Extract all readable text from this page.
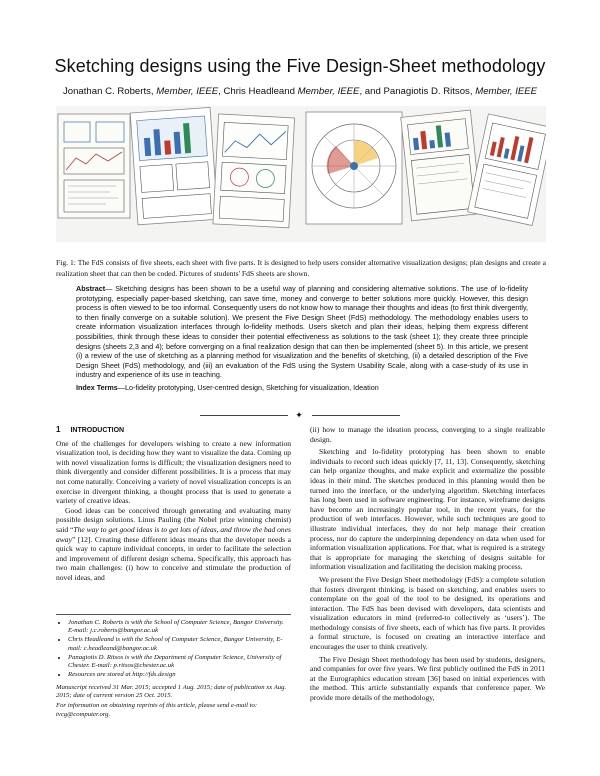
Sketching designs using the Five Design-Sheet methodology
Jonathan C. Roberts, Member, IEEE, Chris Headleand Member, IEEE, and Panagiotis D. Ritsos, Member, IEEE
Fig. 1: The FdS consists of five sheets, each sheet with five parts. It is designed to help users consider alternative visualization designs; plan designs and create a realization sheet that can then be coded. Pictures of students' FdS sheets are shown.
Abstract— Sketching designs has been shown to be a useful way of planning and considering alternative solutions. The use of lo-fidelity prototyping, especially paper-based sketching, can save time, money and converge to better solutions more quickly. However, this design process is often viewed to be too informal. Consequently users do not know how to manage their thoughts and ideas (to first think divergently, to then finally converge on a suitable solution). We present the Five Design Sheet (FdS) methodology. The methodology enables users to create information visualization interfaces through lo-fidelity methods. Users sketch and plan their ideas, helping them express different possibilities, think through these ideas to consider their potential effectiveness as solutions to the task (sheet 1); they create three principle designs (sheets 2,3 and 4); before converging on a final realization design that can then be implemented (sheet 5). In this article, we present (i) a review of the use of sketching as a planning method for visualization and the benefits of sketching, (ii) a detailed description of the Five Design Sheet (FdS) methodology, and (iii) an evaluation of the FdS using the System Usability Scale, along with a case-study of its use in industry and experience of its use in teaching.
Index Terms—Lo-fidelity prototyping, User-centred design, Sketching for visualization, Ideation
✦
1 INTRODUCTION

One of the challenges for developers wishing to create a new information visualization tool, is deciding how they want to visualize the data. Coming up with novel visualization forms is difficult; the visualization designers need to think divergently and consider different possibilities. It is a process that may not come naturally. Conceiving a variety of novel visualization concepts is an exercise in divergent thinking, a thought process that is used to generate a variety of creative ideas.

Good ideas can be conceived through generating and evaluating many possible design solutions. Linus Pauling (the Nobel prize winning chemist) said “The way to get good ideas is to get lots of ideas, and throw the bad ones away” [12]. Creating these different ideas means that the developer needs a quick way to capture individual concepts, in order to facilitate the selection and improvement of different design schema. Specifically, this approach has two main challenges: (i) how to conceive and stimulate the production of novel ideas, and

• Jonathan C. Roberts is with the School of Computer Science, Bangor University. E-mail: j.c.roberts@bangor.ac.uk
• Chris Headleand is with the School of Computer Science, Bangor University, E-mail: c.headleand@bangor.ac.uk
• Panagiotis D. Ritsos is with the Department of Computer Science, University of Chester. E-mail: p.ritsos@chester.ac.uk
• Resources are stored at http://fds.design

Manuscript received 31 Mar. 2015; accepted 1 Aug. 2015; date of publication xx Aug. 2015; date of current version 25 Oct. 2015.

For information on obtaining reprints of this article, please send e-mail to: tvcg@computer.org.

(ii) how to manage the ideation process, converging to a single realizable design.

Sketching and lo-fidelity prototyping has been shown to enable individuals to record such ideas quickly [7, 11, 13]. Consequently, sketching can help organize thoughts, and make explicit and externalize the possible ideas in their mind. The sketches produced in this planning would then be turned into the interface, or the underlying algorithm. Sketching interfaces has long been used in software engineering. For instance, wireframe designs have become an increasingly popular tool, in the recent years, for the production of web interfaces. However, while such techniques are good to illustrate individual interfaces, they do not help manage their creation process, nor do capture the underpinning dependency on data when used for information visualization applications. For that, what is required is a strategy that is appropriate for managing the sketching of designs suitable for information visualization and facilitating the decision making process.

We present the Five Design Sheet methodology (FdS): a complete solution that fosters divergent thinking, is based on sketching, and enables users to contemplate on the goal of the tool to be designed, its operations and interaction. The FdS has been devised with developers, data scientists and visualization educators in mind (referred-to collectively as ‘users’). The methodology consists of five sheets, each of which has five parts. It provides a formal structure, is focused on creating an interactive interface and encourages the user to think creatively.

The Five Design Sheet methodology has been used by students, designers, and companies for over five years. We first publicly outlined the FdS in 2011 at the Eurographics education stream [36] based on initial experiences with the method. This article substantially expands that conference paper. We provide more details of the methodology,
